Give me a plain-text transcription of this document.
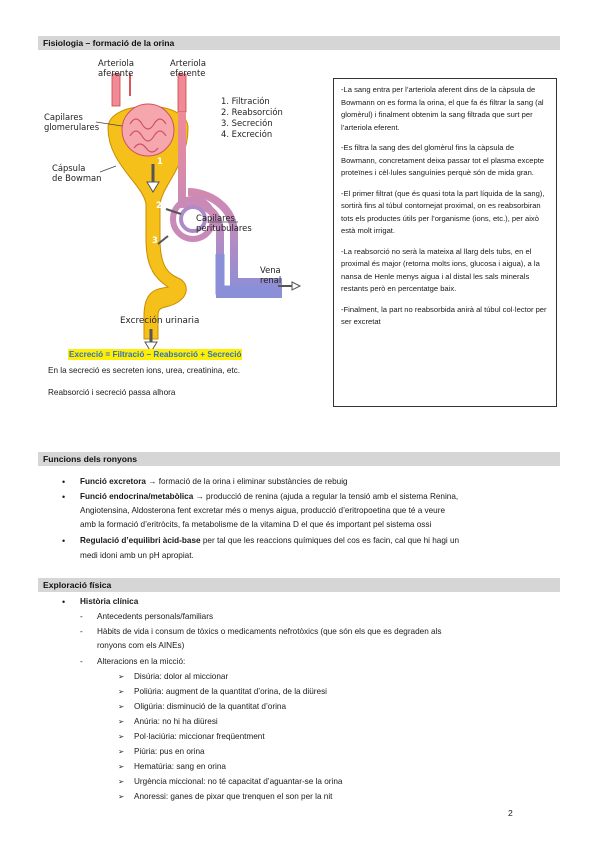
Fisiologia – formació de la orina
Arteriola
aferente
Arteriola
eferente
Capilares
glomerulares
Cápsula
de Bowman
Capilares
peritubulares
Vena
renal
Excreción urinaria
1. Filtración
2. Reabsorción
3. Secreción
4. Excreción
1
2
3
4
Excreció = Filtració – Reabsorció + Secreció
En la secreció es secreten ions, urea, creatinina, etc.
Reabsorció i secreció passa alhora

-La sang entra per l’arteriola aferent dins de la càpsula de Bowmann on es forma la orina, el que fa és filtrar la sang (al glomèrul) i finalment obtenim la sang filtrada que surt per l’arteriola eferent.

-Es filtra la sang des del glomèrul fins la càpsula de Bowmann, concretament deixa passar tot el plasma excepte proteïnes i cèl·lules sanguínies perquè són de mida gran.

-El primer filtrat (que és quasi tota la part líquida de la sang), sortirà fins al túbul contornejat proximal, on es reabsorbiran tots els productes útils per l’organisme (ions, etc.), per això està molt irrigat.

-La reabsorció no serà la mateixa al llarg dels tubs, en el proximal és major (retorna molts ions, glucosa i aigua), a la nansa de Henle menys aigua i al distal les sals minerals restants però en percentatge baix.

-Finalment, la part no reabsorbida anirà al túbul col·lector per ser excretat

Funcions dels ronyons
• Funció excretora → formació de la orina i eliminar substàncies de rebuig
• Funció endocrina/metabòlica → producció de renina (ajuda a regular la tensió amb el sistema Renina,
Angiotensina, Aldosterona fent excretar més o menys aigua, producció d’eritropoetina que té a veure
amb la formació d’eritròcits, fa metabolisme de la vitamina D el que és important pel sistema ossi
• Regulació d’equilibri àcid-base per tal que les reaccions químiques del cos es facin, cal que hi hagi un
medi idoni amb un pH apropiat.
Exploració física
• Història clínica
- Antecedents personals/familiars
- Hàbits de vida i consum de tòxics o medicaments nefrotòxics (que són els que es degraden als
ronyons com els AINEs)
- Alteracions en la micció:
➢ Disúria: dolor al miccionar
➢ Poliúria: augment de la quantitat d’orina, de la diüresi
➢ Oligúria: disminució de la quantitat d’orina
➢ Anúria: no hi ha diüresi
➢ Pol·laciúria: miccionar freqüentment
➢ Piúria: pus en orina
➢ Hematúria: sang en orina
➢ Urgència miccional: no té capacitat d’aguantar-se la orina
➢ Anoressi: ganes de pixar que trenquen el son per la nit
2
